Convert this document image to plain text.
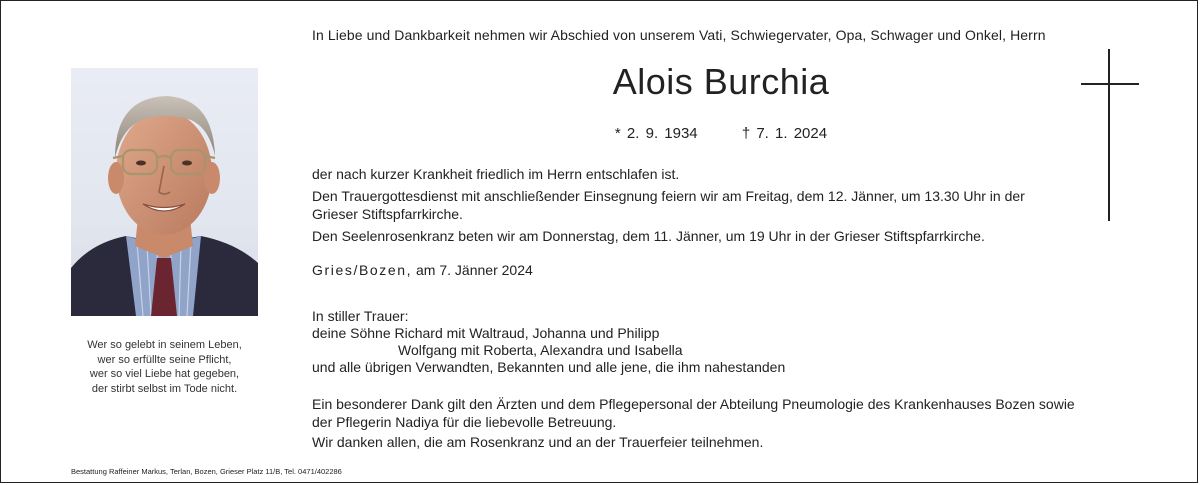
In Liebe und Dankbarkeit nehmen wir Abschied von unserem Vati, Schwiegervater, Opa, Schwager und Onkel, Herrn
Alois Burchia
* 2. 9. 1934	† 7. 1. 2024
Wer so gelebt in seinem Leben,
wer so erfüllte seine Pflicht,
wer so viel Liebe hat gegeben,
der stirbt selbst im Tode nicht.

der nach kurzer Krankheit friedlich im Herrn entschlafen ist.

Den Trauergottesdienst mit anschließender Einsegnung feiern wir am Freitag, dem 12. Jänner, um 13.30 Uhr in der Grieser Stiftspfarrkirche.

Den Seelenrosenkranz beten wir am Donnerstag, dem 11. Jänner, um 19 Uhr in der Grieser Stiftspfarrkirche.

Gries/Bozen, am 7. Jänner 2024
In stiller Trauer:
deine Söhne Richard mit Waltraud, Johanna und Philipp
Wolfgang mit Roberta, Alexandra und Isabella
und alle übrigen Verwandten, Bekannten und alle jene, die ihm nahestanden

Ein besonderer Dank gilt den Ärzten und dem Pflegepersonal der Abteilung Pneumologie des Krankenhauses Bozen sowie der Pflegerin Nadiya für die liebevolle Betreuung.

Wir danken allen, die am Rosenkranz und an der Trauerfeier teilnehmen.

Bestattung Raffeiner Markus, Terlan, Bozen, Grieser Platz 11/B, Tel. 0471/402286
